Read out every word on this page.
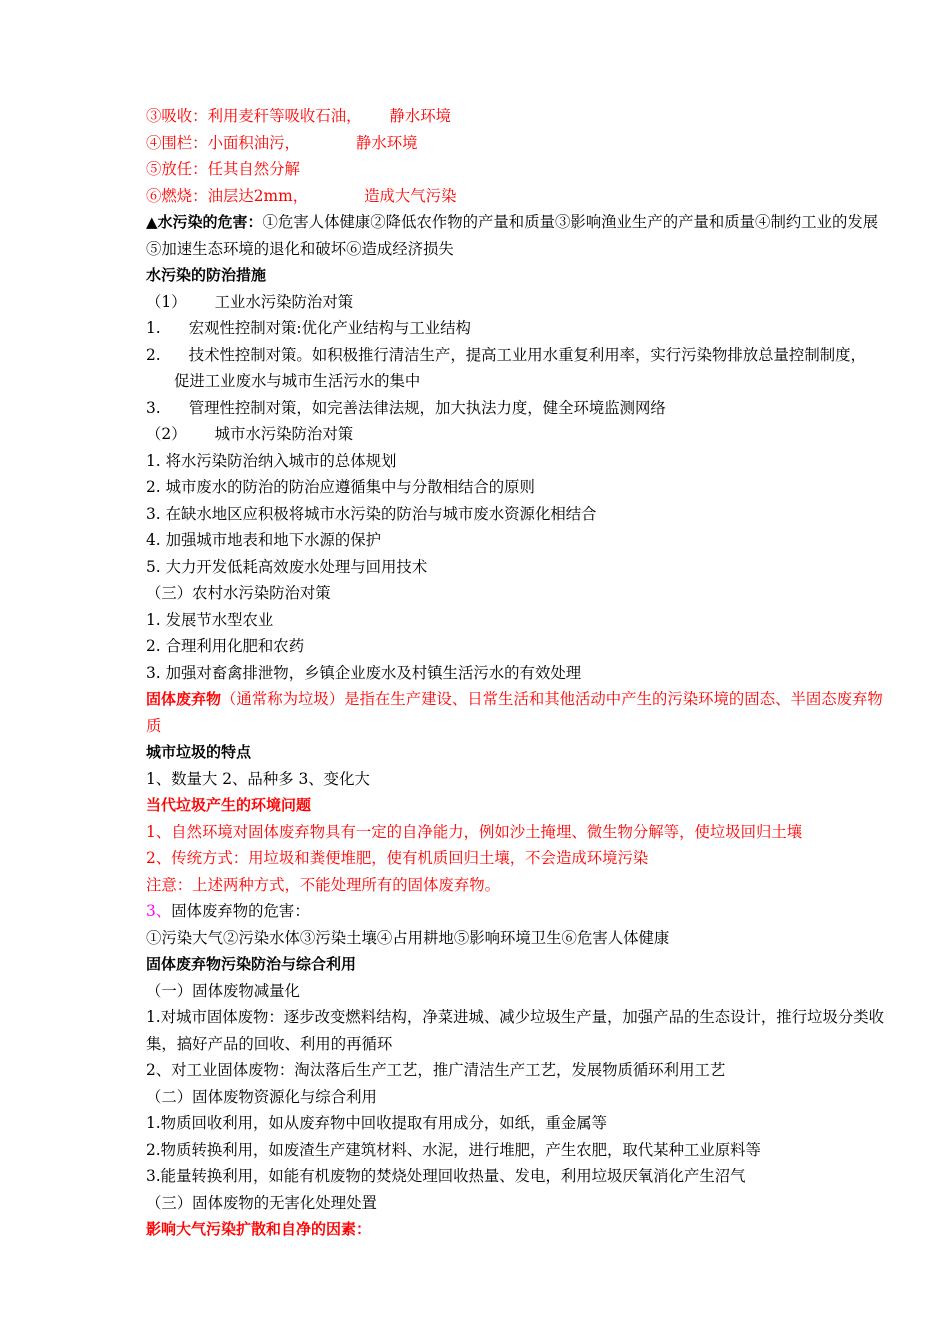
③吸收：利用麦秆等吸收石油， 静水环境
④围栏：小面积油污，	静水环境
⑤放任：任其自然分解
⑥燃烧：油层达2mm，	造成大气污染
▲水污染的危害：①危害人体健康②降低农作物的产量和质量③影响渔业生产的产量和质量④制约工业的发展⑤加速生态环境的退化和破坏⑥造成经济损失
水污染的防治措施
（1） 工业水污染防治对策
1. 宏观性控制对策:优化产业结构与工业结构
2. 技术性控制对策。如积极推行清洁生产，提高工业用水重复利用率，实行污染物排放总量控制制度，
促进工业废水与城市生活污水的集中
3. 管理性控制对策，如完善法律法规，加大执法力度，健全环境监测网络
（2） 城市水污染防治对策
1. 将水污染防治纳入城市的总体规划
2. 城市废水的防治的防治应遵循集中与分散相结合的原则
3. 在缺水地区应积极将城市水污染的防治与城市废水资源化相结合
4. 加强城市地表和地下水源的保护
5. 大力开发低耗高效废水处理与回用技术
（三）农村水污染防治对策
1. 发展节水型农业
2. 合理利用化肥和农药
3. 加强对畜禽排泄物，乡镇企业废水及村镇生活污水的有效处理
固体废弃物（通常称为垃圾）是指在生产建设、日常生活和其他活动中产生的污染环境的固态、半固态废弃物质
城市垃圾的特点
1、数量大 2、品种多 3、变化大
当代垃圾产生的环境问题
1、自然环境对固体废弃物具有一定的自净能力，例如沙土掩埋、微生物分解等，使垃圾回归土壤
2、传统方式：用垃圾和粪便堆肥，使有机质回归土壤，不会造成环境污染
注意：上述两种方式，不能处理所有的固体废弃物。
3、固体废弃物的危害：
①污染大气②污染水体③污染土壤④占用耕地⑤影响环境卫生⑥危害人体健康
固体废弃物污染防治与综合利用
（一）固体废物减量化
1.对城市固体废物：逐步改变燃料结构，净菜进城、减少垃圾生产量，加强产品的生态设计，推行垃圾分类收集，搞好产品的回收、利用的再循环
2、对工业固体废物：淘汰落后生产工艺，推广清洁生产工艺，发展物质循环利用工艺
（二）固体废物资源化与综合利用
1.物质回收利用，如从废弃物中回收提取有用成分，如纸，重金属等
2.物质转换利用，如废渣生产建筑材料、水泥，进行堆肥，产生农肥，取代某种工业原料等
3.能量转换利用，如能有机废物的焚烧处理回收热量、发电，利用垃圾厌氧消化产生沼气
（三）固体废物的无害化处理处置
影响大气污染扩散和自净的因素：
